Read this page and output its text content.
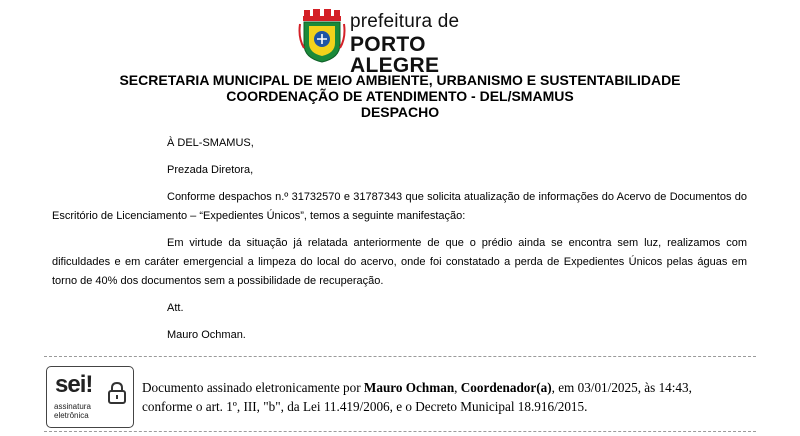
prefeitura de
PORTO ALEGRE
SECRETARIA MUNICIPAL DE MEIO AMBIENTE, URBANISMO E SUSTENTABILIDADE
COORDENAÇÃO DE ATENDIMENTO - DEL/SMAMUS
DESPACHO

À DEL-SMAMUS,

Prezada Diretora,

Conforme despachos n.º 31732570 e 31787343 que solicita atualização de informações do Acervo de Documentos do Escritório de Licenciamento – “Expedientes Únicos”, temos a seguinte manifestação:

Em virtude da situação já relatada anteriormente de que o prédio ainda se encontra sem luz, realizamos com dificuldades e em caráter emergencial a limpeza do local do acervo, onde foi constatado a perda de Expedientes Únicos pelas águas em torno de 40% dos documentos sem a possibilidade de recuperação.

Att.

Mauro Ochman.

sei!
assinatura
eletrônica
Documento assinado eletronicamente por Mauro Ochman, Coordenador(a), em 03/01/2025, às 14:43,
conforme o art. 1º, III, "b", da Lei 11.419/2006, e o Decreto Municipal 18.916/2015.
